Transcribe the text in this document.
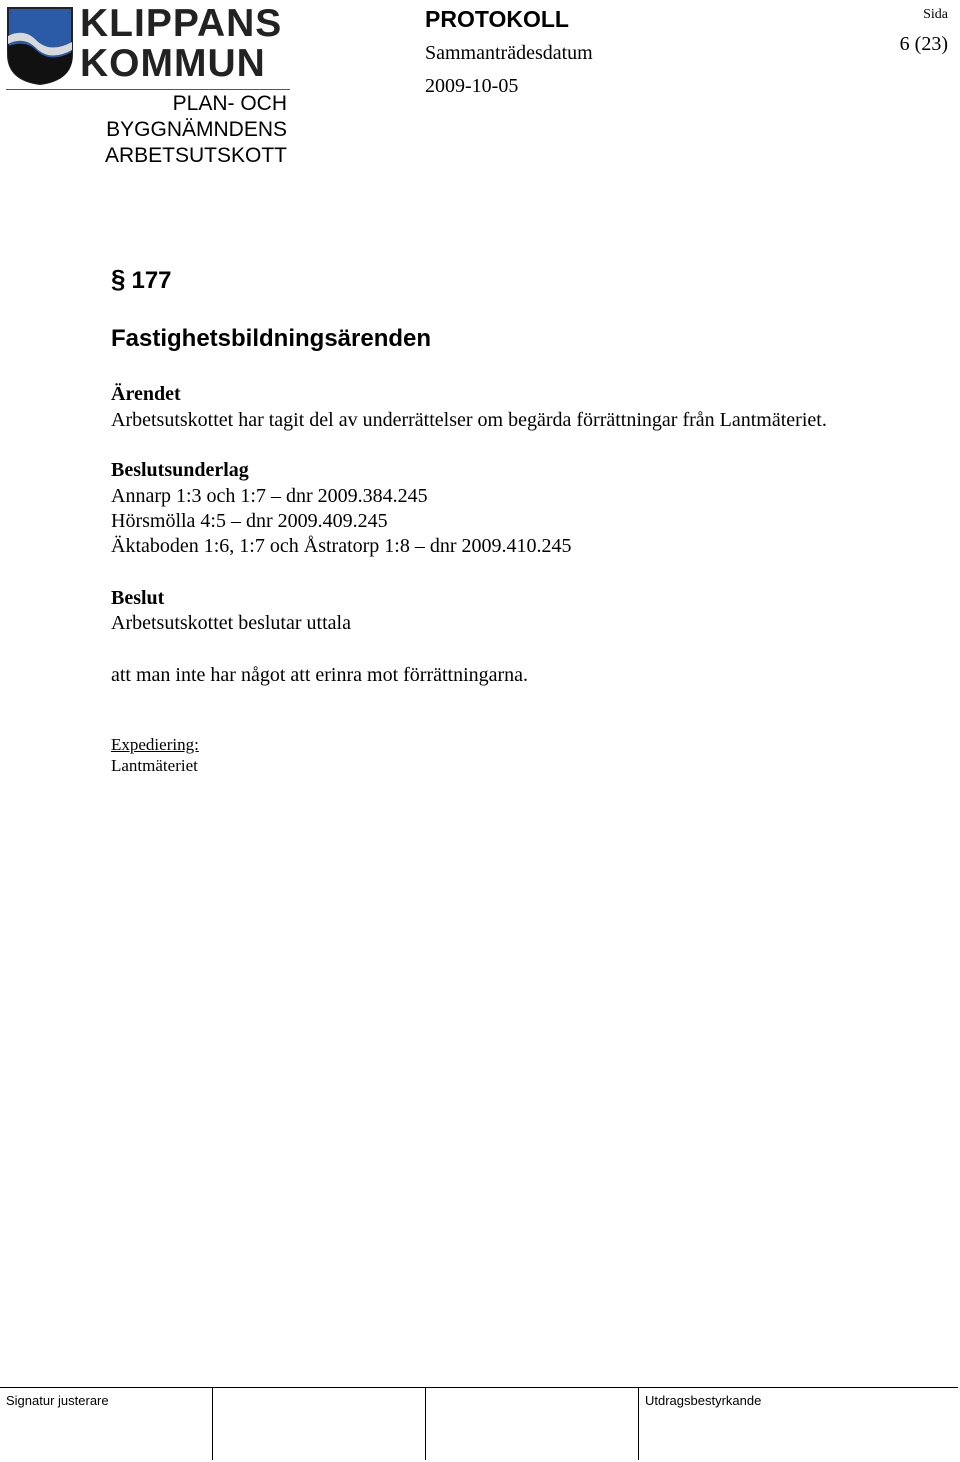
KLIPPANS
KOMMUN
PLAN- OCH
BYGGNÄMNDENS
ARBETSUTSKOTT
PROTOKOLL
Sammanträdesdatum
2009-10-05
Sida
6 (23)
§ 177
Fastighetsbildningsärenden
Ärendet
Arbetsutskottet har tagit del av underrättelser om begärda förrättningar från Lantmäteriet.
Beslutsunderlag
Annarp 1:3 och 1:7 – dnr 2009.384.245
Hörsmölla 4:5 – dnr 2009.409.245
Äktaboden 1:6, 1:7 och Åstratorp 1:8 – dnr 2009.410.245
Beslut
Arbetsutskottet beslutar uttala
att man inte har något att erinra mot förrättningarna.
Expediering:
Lantmäteriet
Signatur justerare	Utdragsbestyrkande
